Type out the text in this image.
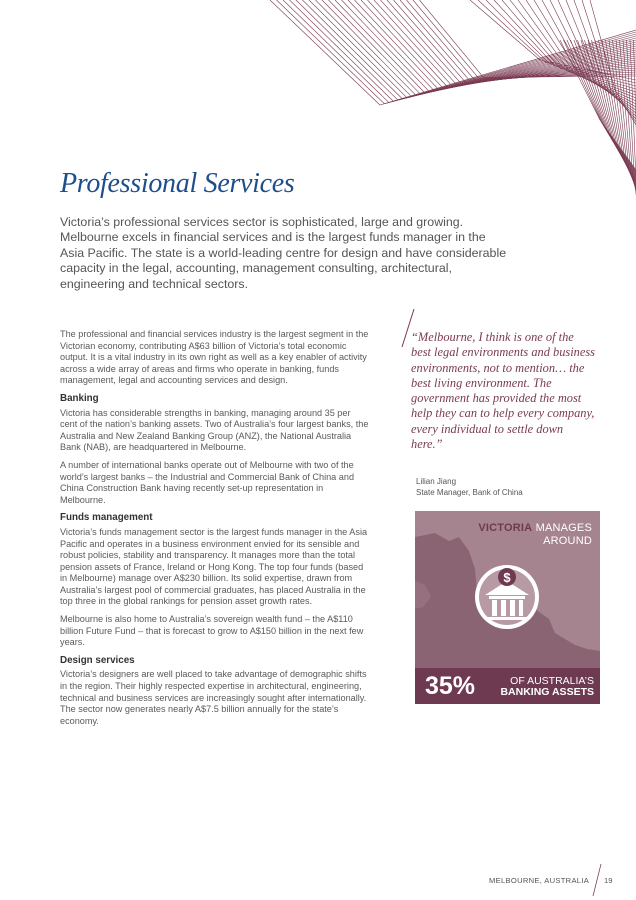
Professional Services

Victoria’s professional services sector is sophisticated, large and growing. Melbourne excels in financial services and is the largest funds manager in the Asia Pacific. The state is a world-leading centre for design and have considerable capacity in the legal, accounting, management consulting, architectural, engineering and technical sectors.

The professional and financial services industry is the largest segment in the Victorian economy, contributing A$63 billion of Victoria’s total economic output. It is a vital industry in its own right as well as a key enabler of activity across a wide array of areas and firms who operate in banking, funds management, legal and accounting services and design.

Banking

Victoria has considerable strengths in banking, managing around 35 per cent of the nation’s banking assets. Two of Australia’s four largest banks, the Australia and New Zealand Banking Group (ANZ), the National Australia Bank (NAB), are headquartered in Melbourne.

A number of international banks operate out of Melbourne with two of the world’s largest banks – the Industrial and Commercial Bank of China and China Construction Bank having recently set-up representation in Melbourne.

Funds management

Victoria’s funds management sector is the largest funds manager in the Asia Pacific and operates in a business environment envied for its sensible and robust policies, stability and transparency. It manages more than the total pension assets of France, Ireland or Hong Kong. The top four funds (based in Melbourne) manage over A$230 billion. Its solid expertise, drawn from Australia’s largest pool of commercial graduates, has placed Australia in the top three in the global rankings for pension asset growth rates.

Melbourne is also home to Australia’s sovereign wealth fund – the A$110 billion Future Fund – that is forecast to grow to A$150 billion in the next few years.

Design services

Victoria’s designers are well placed to take advantage of demographic shifts in the region. Their highly respected expertise in architectural, engineering, technical and business services are increasingly sought after internationally. The sector now generates nearly A$7.5 billion annually for the state’s economy.

“Melbourne, I think is one of the best legal environments and business environments, not to mention… the best living environment. The government has provided the most help they can to help every company, every individual to settle down here.”

Lilian Jiang
State Manager, Bank of China
$
VICTORIA MANAGES
AROUND
35%	OF AUSTRALIA’S
BANKING ASSETS
MELBOURNE, AUSTRALIA 19
